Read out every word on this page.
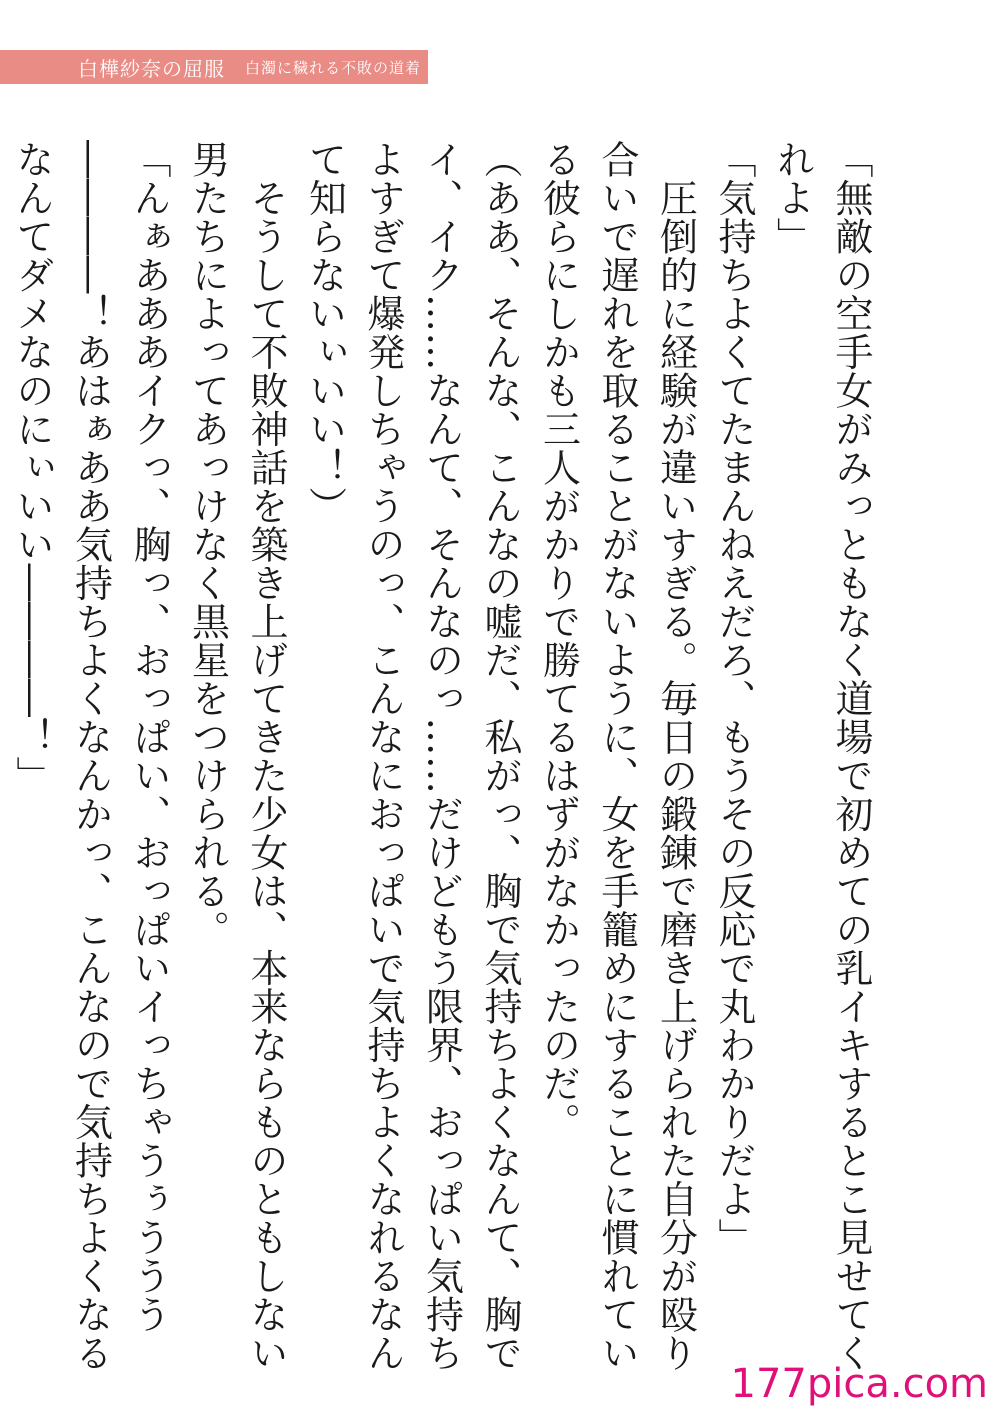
白樺紗奈の屈服 白濁に穢れる不敗の道着

「無敵の空手女がみっともなく道場で初めての乳イキするとこ見せてくれよ」

「気持ちよくてたまんねえだろ、もうその反応で丸わかりだよ」

　圧倒的に経験が違いすぎる。毎日の鍛錬で磨き上げられた自分が殴り合いで遅れを取ることがないように、女を手籠めにすることに慣れている彼らにしかも三人がかりで勝てるはずがなかったのだ。

（ああ、そんな、こんなの嘘だ、私がっ、胸で気持ちよくなんて、胸でイ、イク……なんて、そんなのっ……だけどもう限界、おっぱい気持ちよすぎて爆発しちゃうのっ、こんなにおっぱいで気持ちよくなれるなんて知らないぃいい！）

　そうして不敗神話を築き上げてきた少女は、本来ならものともしない男たちによってあっけなく黒星をつけられる。

「んぁあああイクっ、胸っ、おっぱい、おっぱいイっちゃうぅううう――――！あはぁああ気持ちよくなんかっ、こんなので気持ちよくなるなんてダメなのにぃいい――――！」

177pica.com
